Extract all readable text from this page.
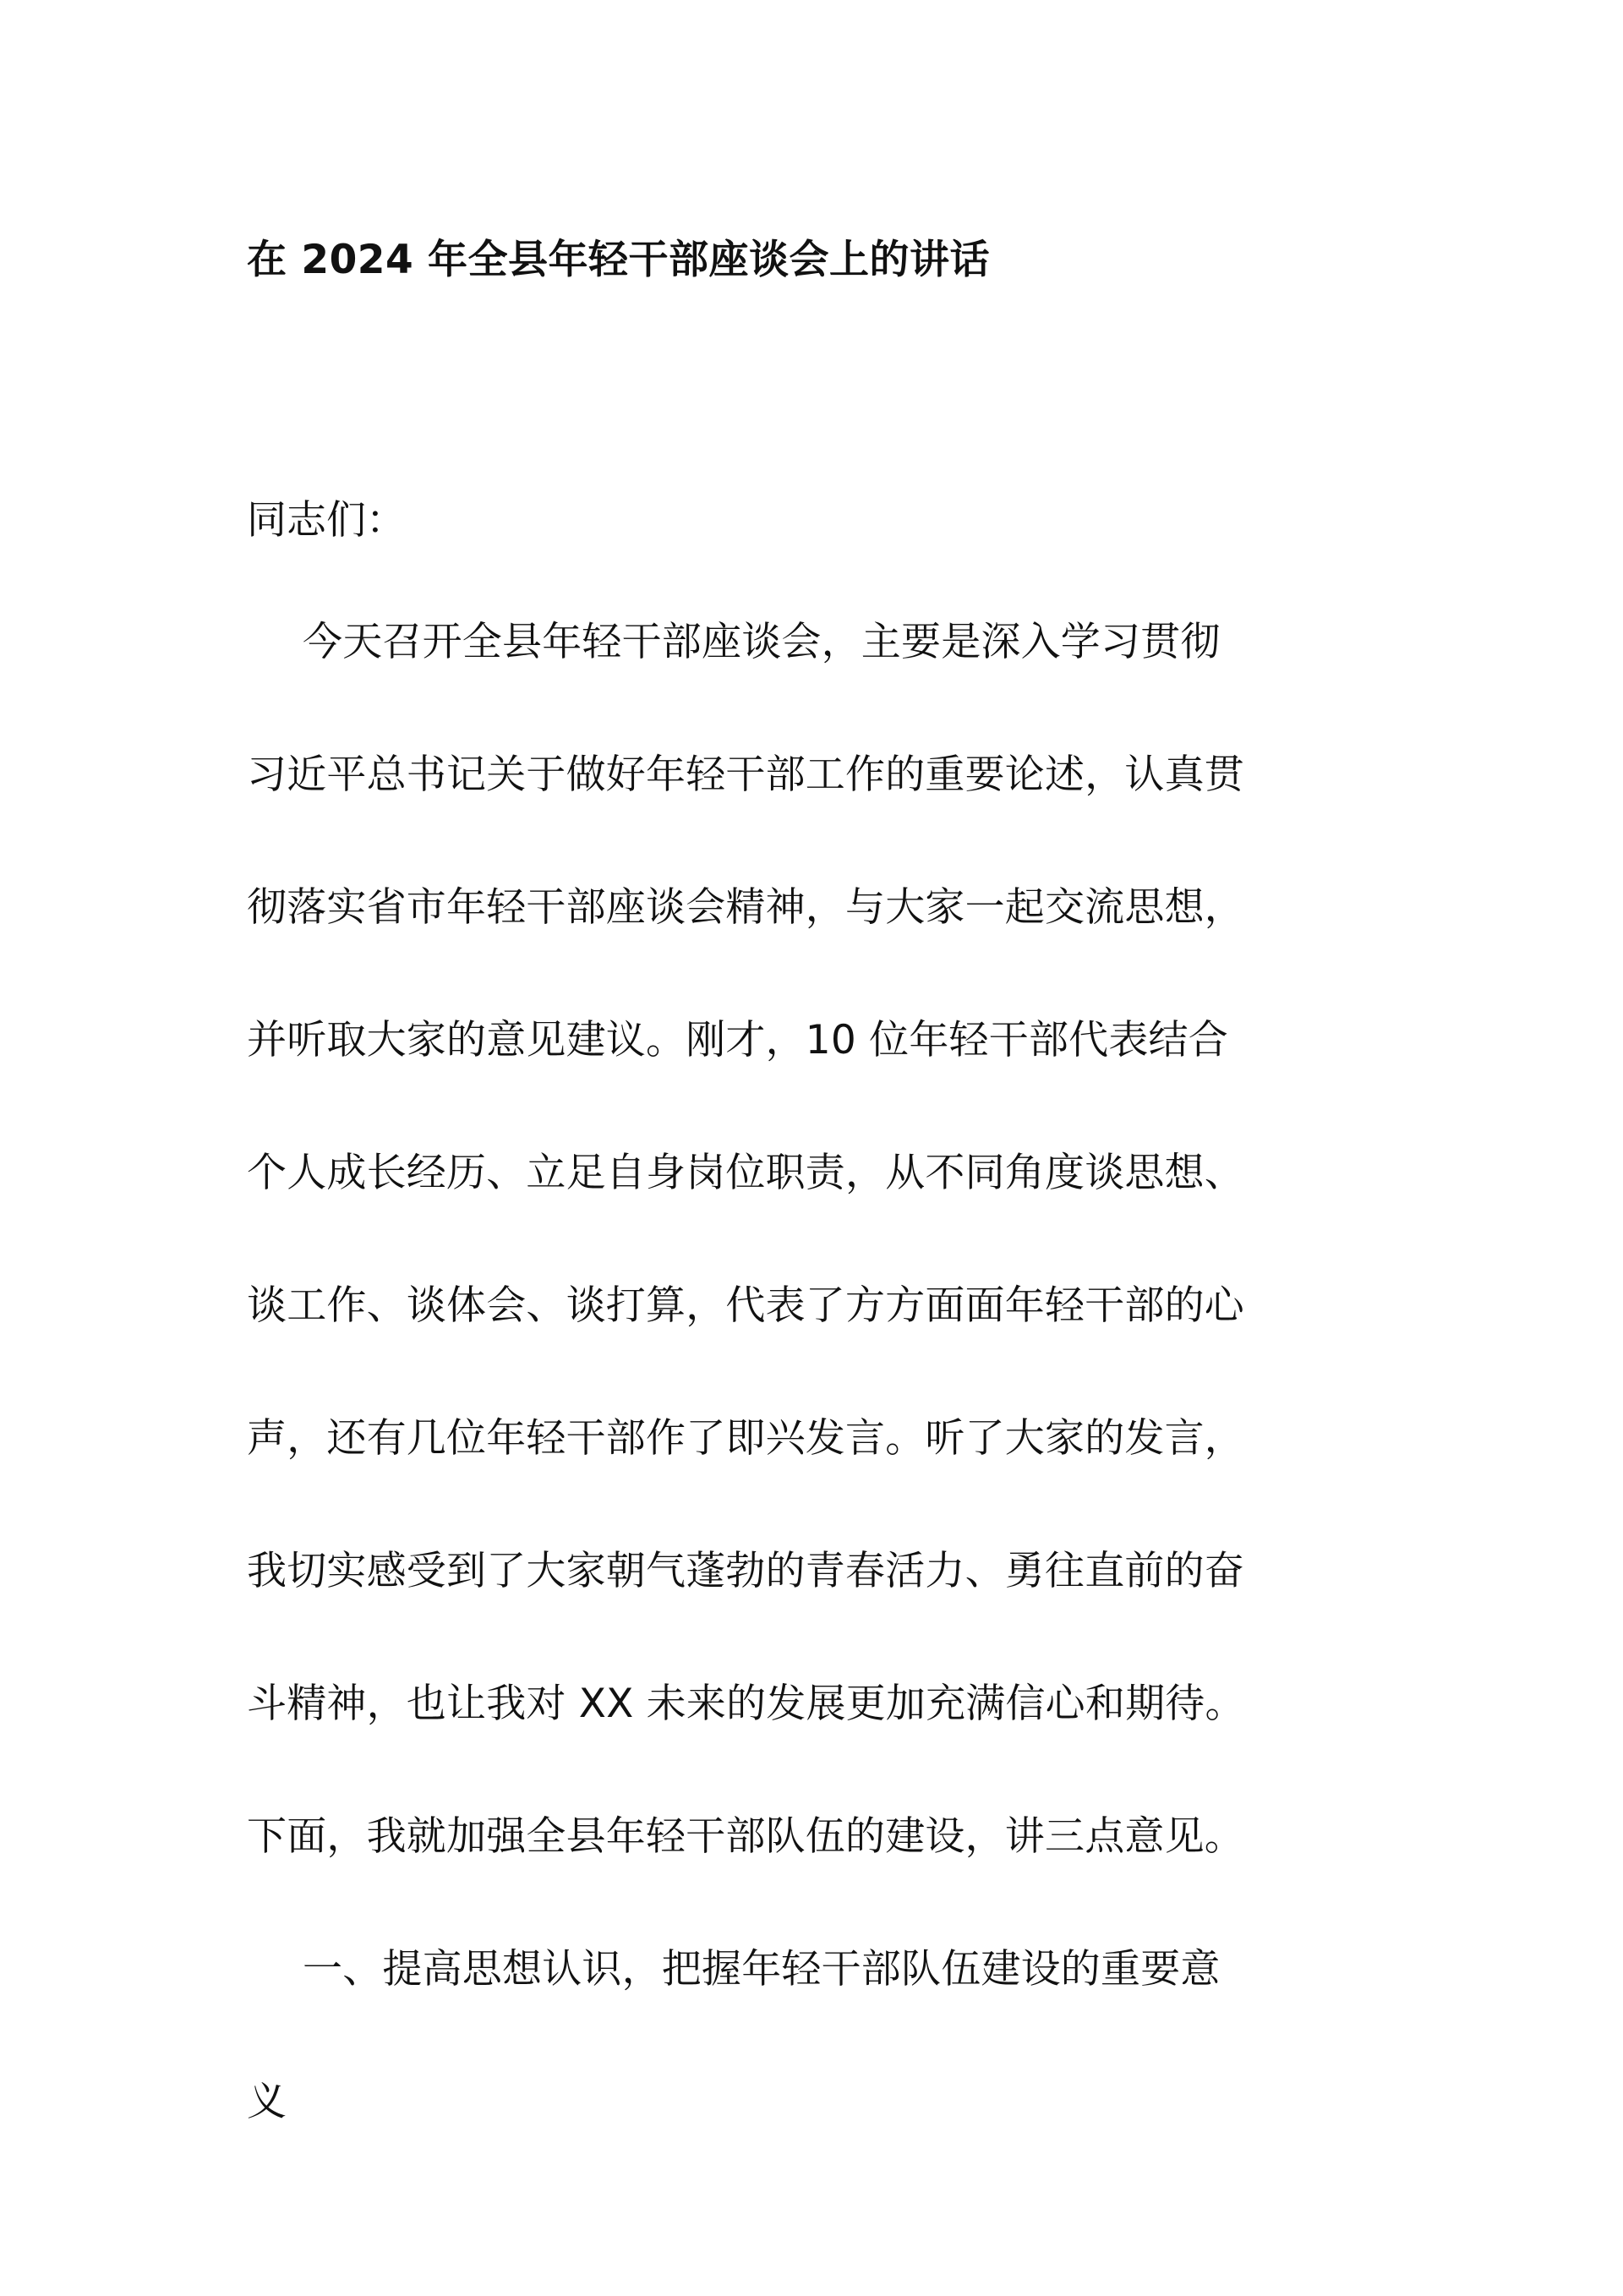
在 2024 年全县年轻干部座谈会上的讲话

同志们：

今天召开全县年轻干部座谈会，主要是深入学习贯彻
习近平总书记关于做好年轻干部工作的重要论述，认真贯
彻落实省市年轻干部座谈会精神，与大家一起交流思想，
并听取大家的意见建议。刚才，10 位年轻干部代表结合
个人成长经历、立足自身岗位职责，从不同角度谈思想、
谈工作、谈体会、谈打算，代表了方方面面年轻干部的心
声，还有几位年轻干部作了即兴发言。听了大家的发言，
我切实感受到了大家朝气蓬勃的青春活力、勇往直前的奋
斗精神，也让我对 XX 未来的发展更加充满信心和期待。
下面，我就加强全县年轻干部队伍的建设，讲三点意见。
一、提高思想认识，把握年轻干部队伍建设的重要意
义
